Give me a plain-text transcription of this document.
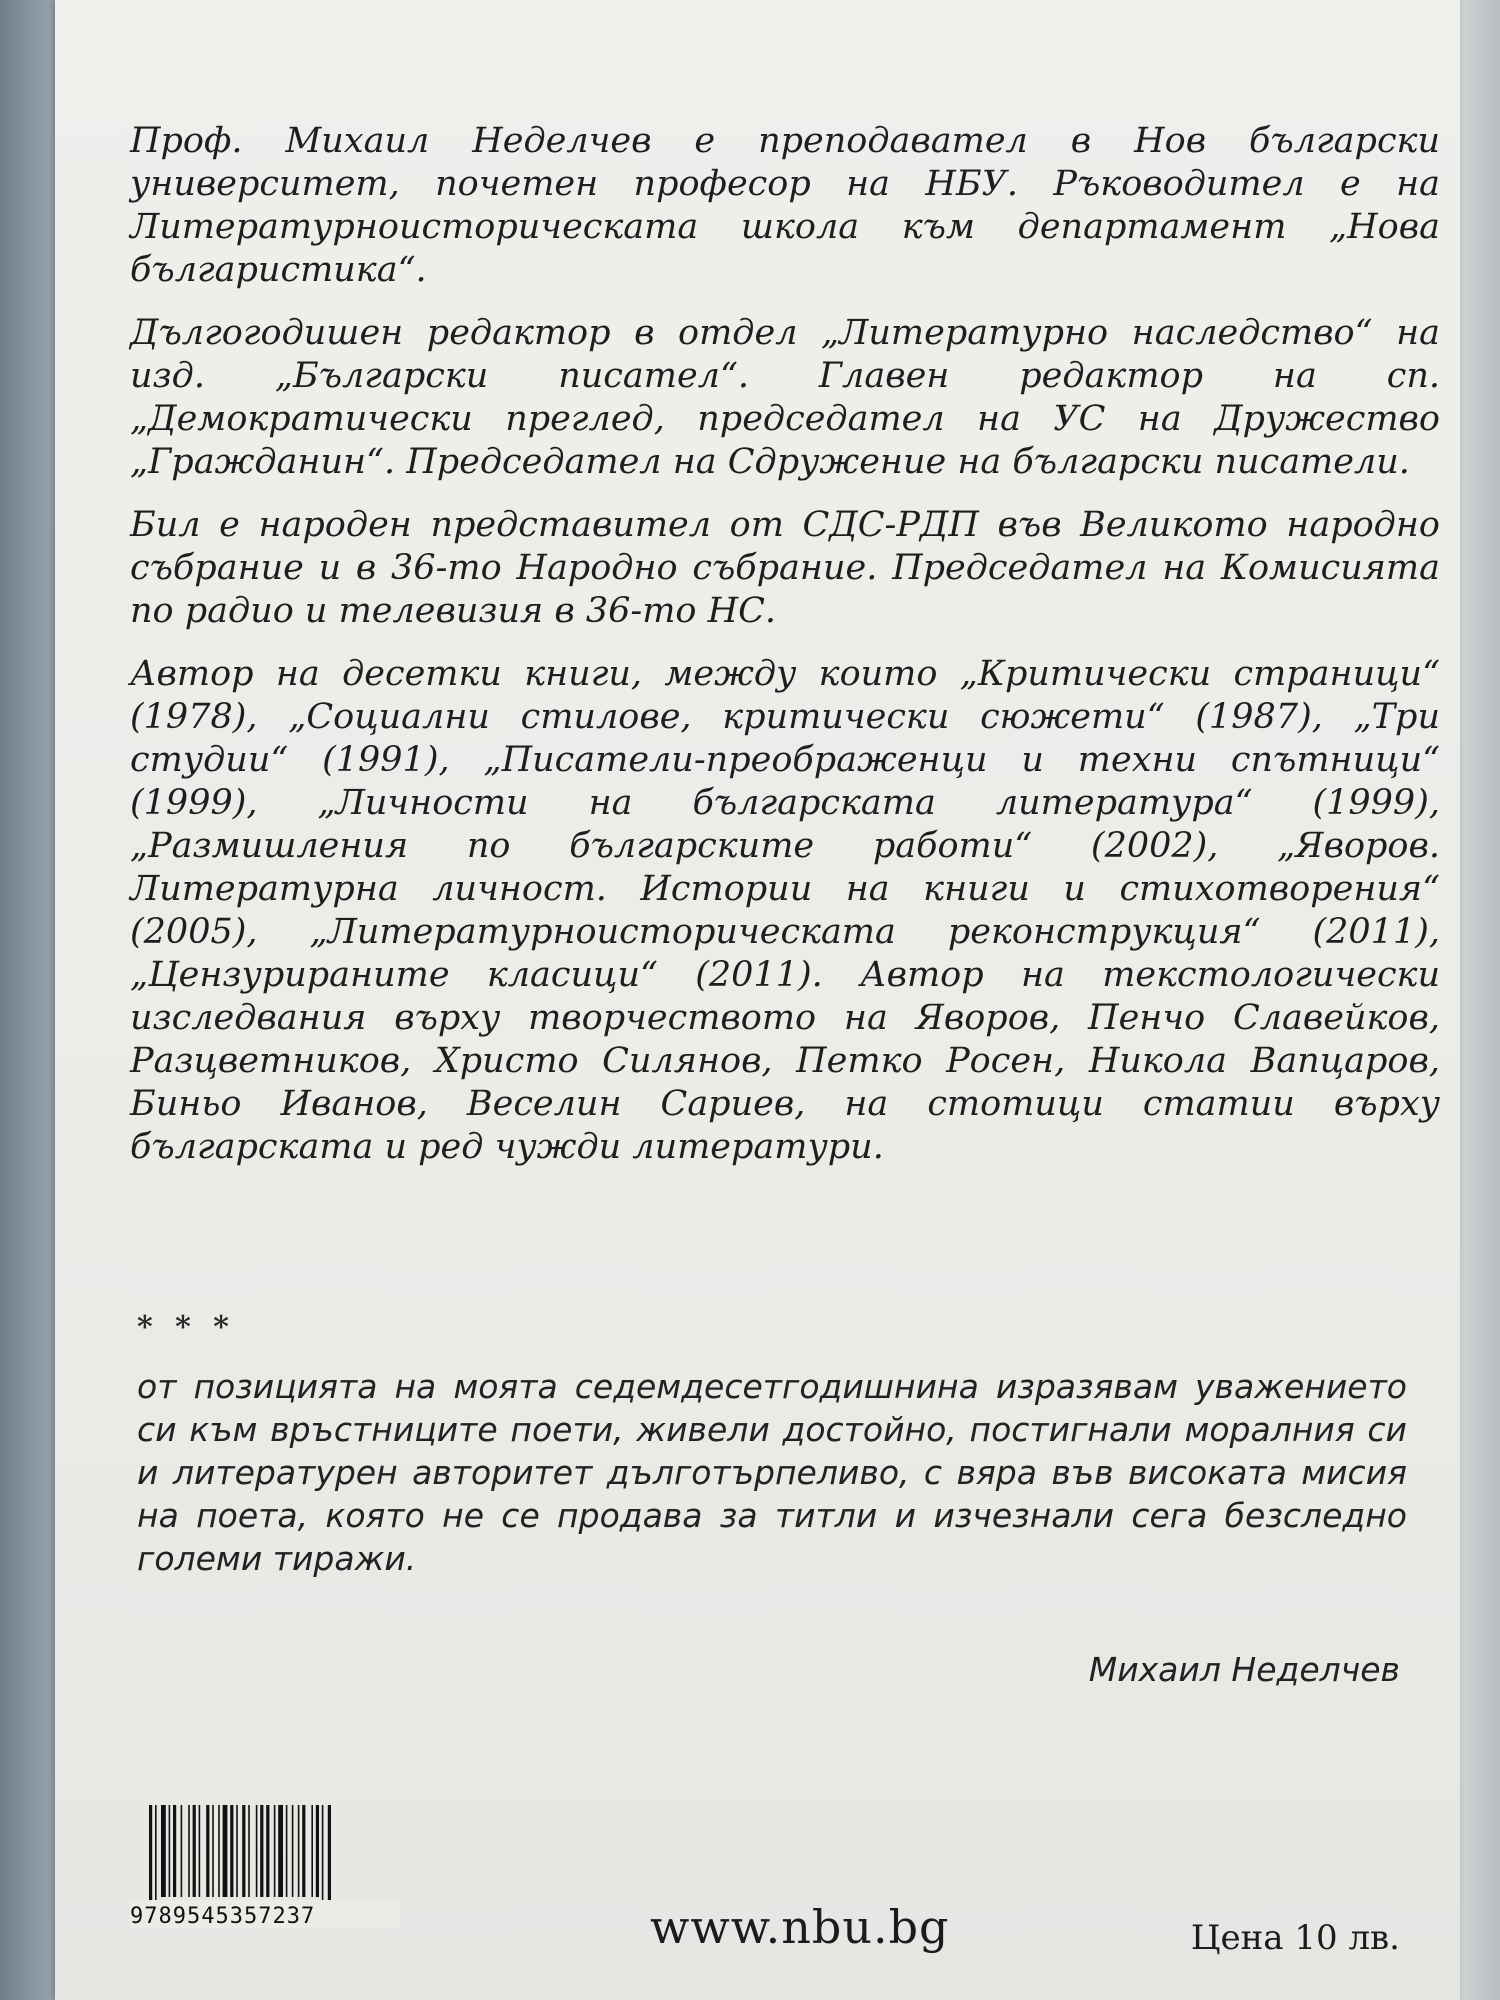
Проф. Михаил Неделчев е преподавател в Нов български университет, почетен професор на НБУ. Ръководител е на Литературноисторическата школа към департамент „Нова българистика“.

Дългогодишен редактор в отдел „Литературно наследство“ на изд. „Български писател“. Главен редактор на сп. „Демократически преглед, председател на УС на Дружество „Гражданин“. Председател на Сдружение на български писатели.

Бил е народен представител от СДС-РДП във Великото народно събрание и в 36-то Народно събрание. Председател на Комисията по радио и телевизия в 36-то НС.

Автор на десетки книги, между които „Критически страници“ (1978), „Социални стилове, критически сюжети“ (1987), „Три студии“ (1991), „Писатели-преображенци и техни спътници“ (1999), „Личности на българската литература“ (1999), „Размишления по българските работи“ (2002), „Яворов. Литературна личност. Истории на книги и стихотворения“ (2005), „Литературноисторическата реконструкция“ (2011), „Цензурираните класици“ (2011). Автор на текстологически изследвания върху творчеството на Яворов, Пенчо Славейков, Разцветников, Христо Силянов, Петко Росен, Никола Вапцаров, Биньо Иванов, Веселин Сариев, на стотици статии върху българската и ред чужди литератури.

* * *
от позицията на моята седемдесетгодишнина изразявам уважението си към връстниците поети, живели достойно, постигнали моралния си и литературен авторитет дълготърпеливо, с вяра във високата мисия на поета, която не се продава за титли и изчезнали сега безследно големи тиражи.
Михаил Неделчев
9789545357237	www.nbu.bg	Цена 10 лв.
